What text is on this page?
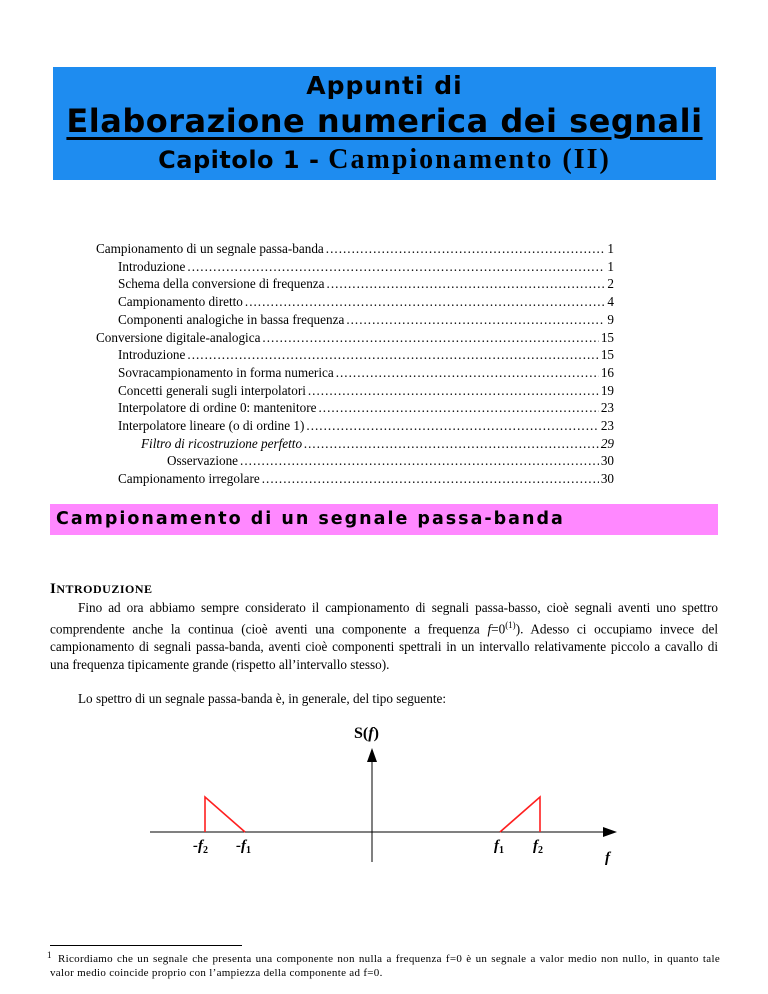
Appunti di
Elaborazione numerica dei segnali
Capitolo 1 - Campionamento (II)
Campionamento di un segnale passa-banda .....	1
Introduzione .....	1
Schema della conversione di frequenza .....	2
Campionamento diretto .....	4
Componenti analogiche in bassa frequenza .....	9
Conversione digitale-analogica .....	15
Introduzione .....	15
Sovracampionamento in forma numerica .....	16
Concetti generali sugli interpolatori .....	19
Interpolatore di ordine 0: mantenitore .....	23
Interpolatore lineare (o di ordine 1) .....	23
Filtro di ricostruzione perfetto .....	29
Osservazione .....	30
Campionamento irregolare .....	30
Campionamento di un segnale passa-banda
INTRODUZIONE
Fino ad ora abbiamo sempre considerato il campionamento di segnali passa-basso, cioè segnali aventi uno spettro comprendente anche la continua (cioè aventi una componente a frequenza $f=0^{(1)}$). Adesso ci occupiamo invece del campionamento di segnali passa-banda, aventi cioè componenti spettrali in un intervallo relativamente piccolo a cavallo di una frequenza tipicamente grande (rispetto all’intervallo stesso).
Lo spettro di un segnale passa-banda è, in generale, del tipo seguente:
S(f)
$-f_2$ $-f_1$	$f_1$ $f_2$	f
1 Ricordiamo che un segnale che presenta una componente non nulla a frequenza f=0 è un segnale a valor medio non nullo, in quanto tale valor medio coincide proprio con l’ampiezza della componente ad f=0.
